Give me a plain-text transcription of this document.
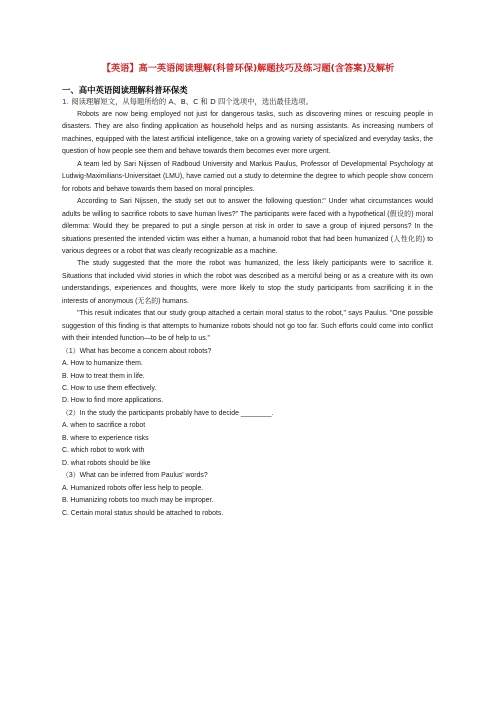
【英语】高一英语阅读理解(科普环保)解题技巧及练习题(含答案)及解析
一、高中英语阅读理解科普环保类
1. 阅读理解短文，从每题所给的 A、B、C 和 D 四个选项中，选出最佳选项。

Robots are now being employed not just for dangerous tasks, such as discovering mines or rescuing people in disasters. They are also finding application as household helps and as nursing assistants. As increasing numbers of machines, equipped with the latest artificial intelligence, take on a growing variety of specialized and everyday tasks, the question of how people see them and behave towards them becomes ever more urgent.

A team led by Sari Nijssen of Radboud University and Markus Paulus, Professor of Developmental Psychology at Ludwig-Maximilians-Universitaet (LMU), have carried out a study to determine the degree to which people show concern for robots and behave towards them based on moral principles.

According to Sari Nijssen, the study set out to answer the following question:" Under what circumstances would adults be willing to sacrifice robots to save human lives?" The participants were faced with a hypothetical (假设的) moral dilemma: Would they be prepared to put a single person at risk in order to save a group of injured persons? In the situations presented the intended victim was either a human, a humanoid robot that had been humanized (人性化的) to various degrees or a robot that was clearly recognizable as a machine.

The study suggested that the more the robot was humanized, the less likely participants were to sacrifice it. Situations that included vivid stories in which the robot was described as a merciful being or as a creature with its own understandings, experiences and thoughts, were more likely to stop the study participants from sacrificing it in the interests of anonymous (无名的) humans.

"This result indicates that our study group attached a certain moral status to the robot," says Paulus. "One possible suggestion of this finding is that attempts to humanize robots should not go too far. Such efforts could come into conflict with their intended function—to be of help to us."

（1）What has become a concern about robots?

A. How to humanize them.

B. How to treat them in life.

C. How to use them effectively.

D. How to find more applications.

（2）In the study the participants probably have to decide ________.

A. when to sacrifice a robot

B. where to experience risks

C. which robot to work with

D. what robots should be like

（3）What can be inferred from Paulus' words?

A. Humanized robots offer less help to people.

B. Humanizing robots too much may be improper.

C. Certain moral status should be attached to robots.
